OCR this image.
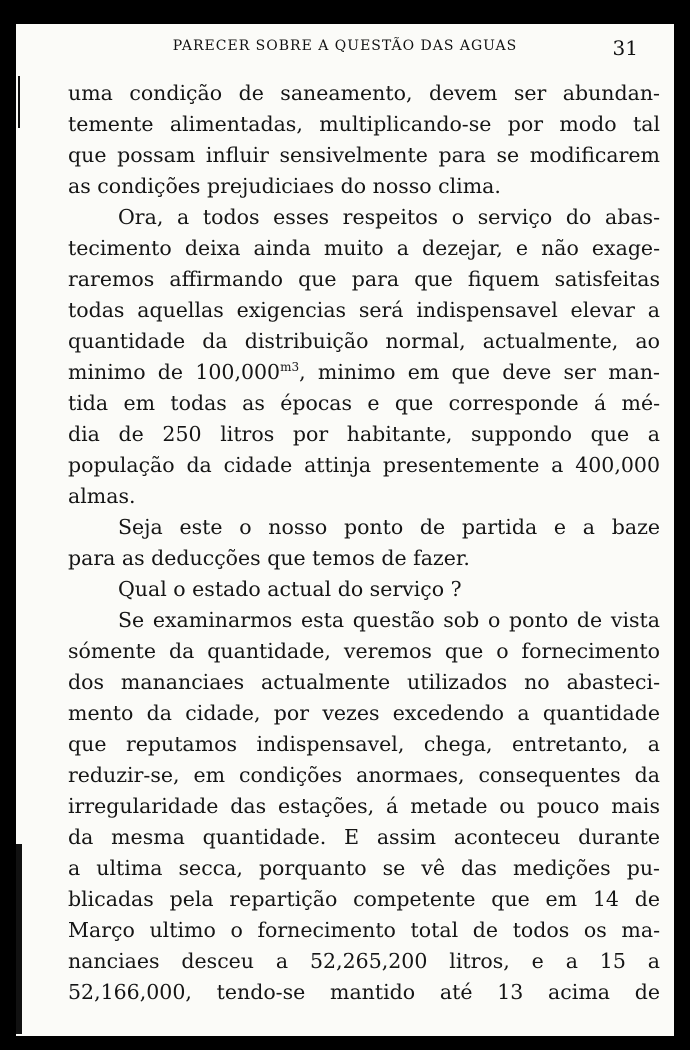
PARECER SOBRE A QUESTÃO DAS AGUAS	31
uma condição de saneamento, devem ser abundan-
temente alimentadas, multiplicando-se por modo tal
que possam influir sensivelmente para se modificarem
as condições prejudiciaes do nosso clima.
Ora, a todos esses respeitos o serviço do abas-
tecimento deixa ainda muito a dezejar, e não exage-
raremos affirmando que para que fiquem satisfeitas
todas aquellas exigencias será indispensavel elevar a
quantidade da distribuição normal, actualmente, ao
minimo de $100,000^{m3}$, minimo em que deve ser man-
tida em todas as épocas e que corresponde á mé-
dia de 250 litros por habitante, suppondo que a
população da cidade attinja presentemente a 400,000
almas.
Seja este o nosso ponto de partida e a baze
para as deducções que temos de fazer.
Qual o estado actual do serviço ?
Se examinarmos esta questão sob o ponto de vista
sómente da quantidade, veremos que o fornecimento
dos mananciaes actualmente utilizados no abasteci-
mento da cidade, por vezes excedendo a quantidade
que reputamos indispensavel, chega, entretanto, a
reduzir-se, em condições anormaes, consequentes da
irregularidade das estações, á metade ou pouco mais
da mesma quantidade. E assim aconteceu durante
a ultima secca, porquanto se vê das medições pu-
blicadas pela repartição competente que em 14 de
Março ultimo o fornecimento total de todos os ma-
nanciaes desceu a 52,265,200 litros, e a 15 a
52,166,000, tendo-se mantido até 13 acima de
